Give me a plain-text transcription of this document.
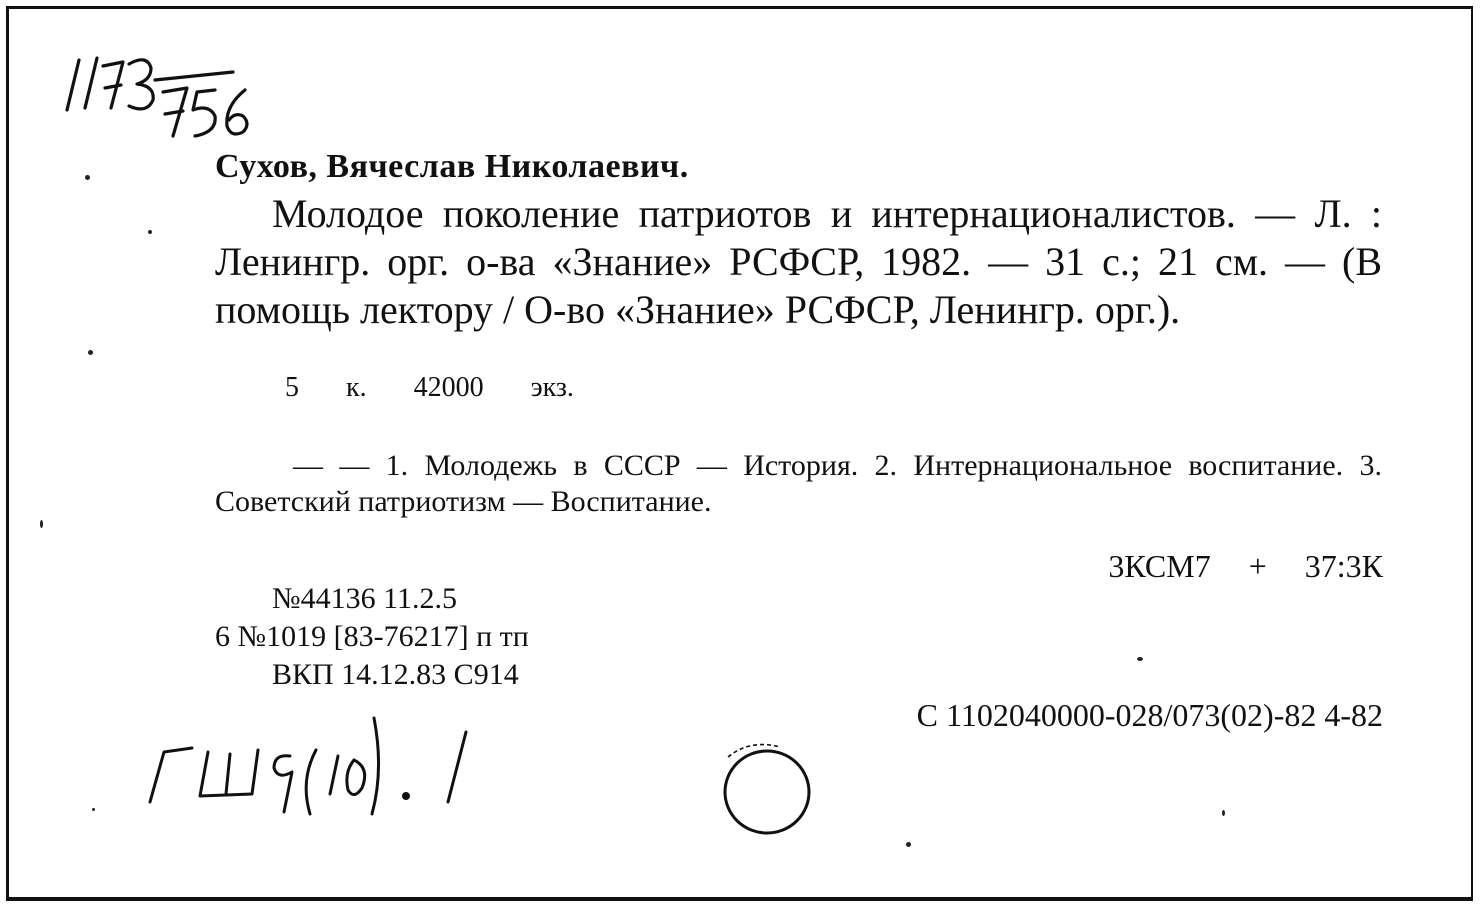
Сухов, Вячеслав Николаевич.

Молодое поколение патриотов и интернационалистов. — Л. : Ленингр. орг. о-ва «Знание» РСФСР, 1982. — 31 с.; 21 см. — (В помощь лектору / О-во «Знание» РСФСР, Ленингр. орг.).

5 к. 42000 экз.

— — 1. Молодежь в СССР — История. 2. Интернациональное воспитание. 3. Советский патриотизм — Воспитание.

3КСМ7 + 37:3К

№44136 11.2.5

6 №1019 [83-76217] п тп

ВКП 14.12.83 С914

С 1102040000-028/073(02)-82 4-82
